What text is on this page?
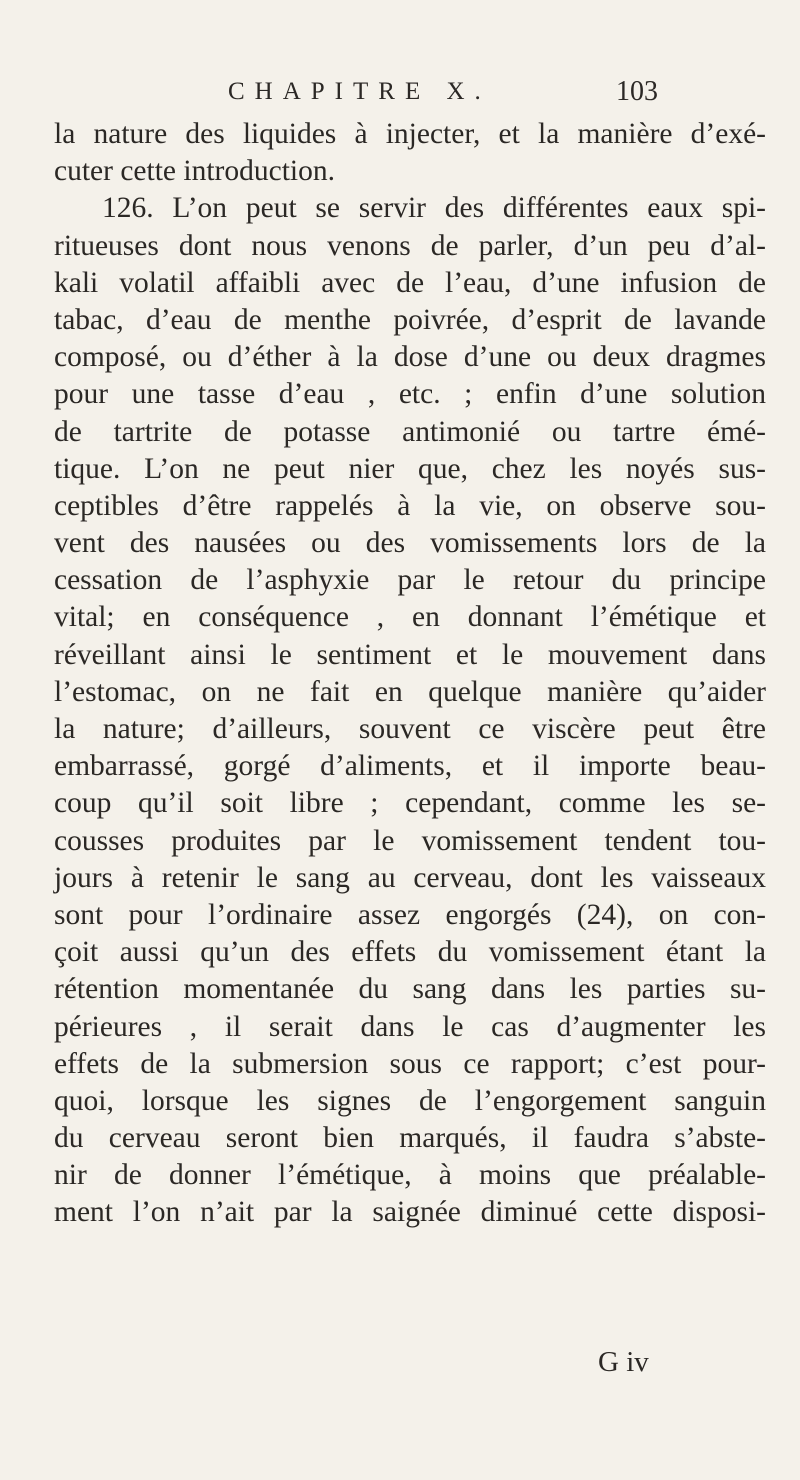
CHAPITRE X.	103
la nature des liquides à injecter, et la manière d’exé-
cuter cette introduction.
126. L’on peut se servir des différentes eaux spi-
ritueuses dont nous venons de parler, d’un peu d’al-
kali volatil affaibli avec de l’eau, d’une infusion de
tabac, d’eau de menthe poivrée, d’esprit de lavande
composé, ou d’éther à la dose d’une ou deux dragmes
pour une tasse d’eau , etc. ; enfin d’une solution
de tartrite de potasse antimonié ou tartre émé-
tique. L’on ne peut nier que, chez les noyés sus-
ceptibles d’être rappelés à la vie, on observe sou-
vent des nausées ou des vomissements lors de la
cessation de l’asphyxie par le retour du principe
vital; en conséquence , en donnant l’émétique et
réveillant ainsi le sentiment et le mouvement dans
l’estomac, on ne fait en quelque manière qu’aider
la nature; d’ailleurs, souvent ce viscère peut être
embarrassé, gorgé d’aliments, et il importe beau-
coup qu’il soit libre ; cependant, comme les se-
cousses produites par le vomissement tendent tou-
jours à retenir le sang au cerveau, dont les vaisseaux
sont pour l’ordinaire assez engorgés (24), on con-
çoit aussi qu’un des effets du vomissement étant la
rétention momentanée du sang dans les parties su-
périeures , il serait dans le cas d’augmenter les
effets de la submersion sous ce rapport; c’est pour-
quoi, lorsque les signes de l’engorgement sanguin
du cerveau seront bien marqués, il faudra s’abste-
nir de donner l’émétique, à moins que préalable-
ment l’on n’ait par la saignée diminué cette disposi-
G iv
